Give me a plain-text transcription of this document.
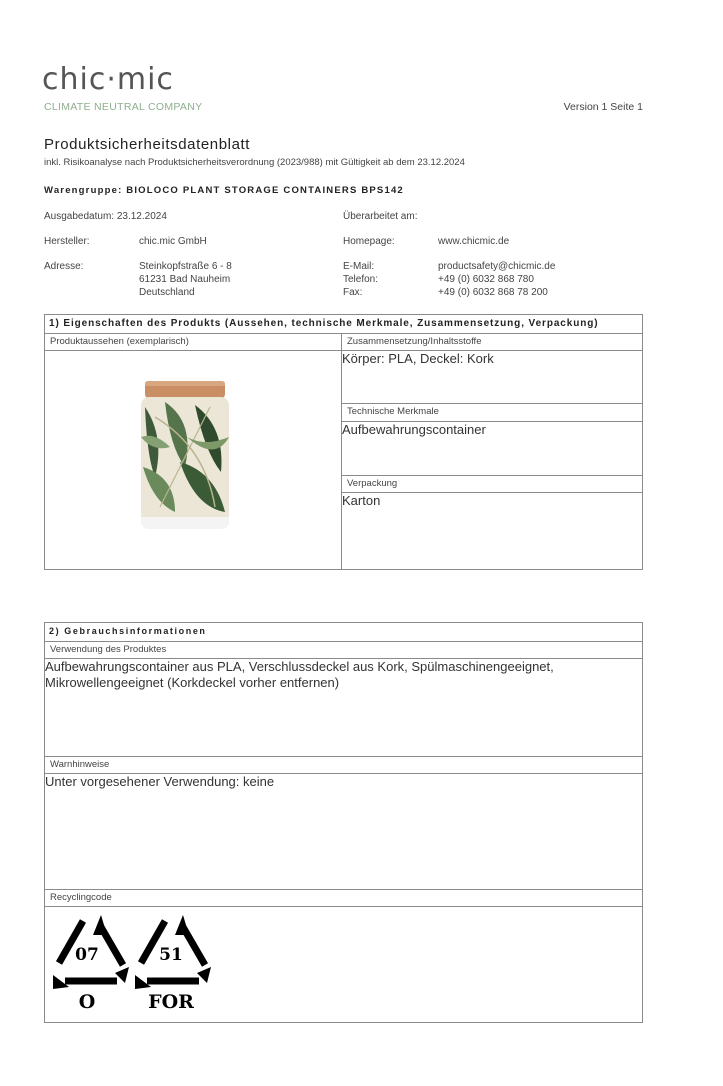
chic·mic
CLIMATE NEUTRAL COMPANY	Version 1 Seite 1
Produktsicherheitsdatenblatt
inkl. Risikoanalyse nach Produktsicherheitsverordnung (2023/988) mit Gültigkeit ab dem 23.12.2024
Warengruppe: BIOLOCO PLANT STORAGE CONTAINERS BPS142
Ausgabedatum: 23.12.2024	Überarbeitet am:
Hersteller:	chic.mic GmbH	Homepage:	www.chicmic.de
Adresse:	Steinkopfstraße 6 - 8
61231 Bad Nauheim
Deutschland
E-Mail:	productsafety@chicmic.de
Telefon:	+49 (0) 6032 868 780
Fax:	+49 (0) 6032 868 78 200
1) Eigenschaften des Produkts (Aussehen, technische Merkmale, Zusammensetzung, Verpackung)	
Produktaussehen (exemplarisch)	Zusammensetzung/Inhaltsstoffe

	Körper: PLA, Deckel: Kork
	Technische Merkmale
	Aufbewahrungscontainer
	Verpackung
	Karton
2) Gebrauchsinformationen
Verwendung des Produktes
Aufbewahrungscontainer aus PLA, Verschlussdeckel aus Kork, Spülmaschinengeeignet, Mikrowellengeeignet (Korkdeckel vorher entfernen)
Warnhinweise
Unter vorgesehener Verwendung: keine
Recyclingcode

07
O
51
FOR
